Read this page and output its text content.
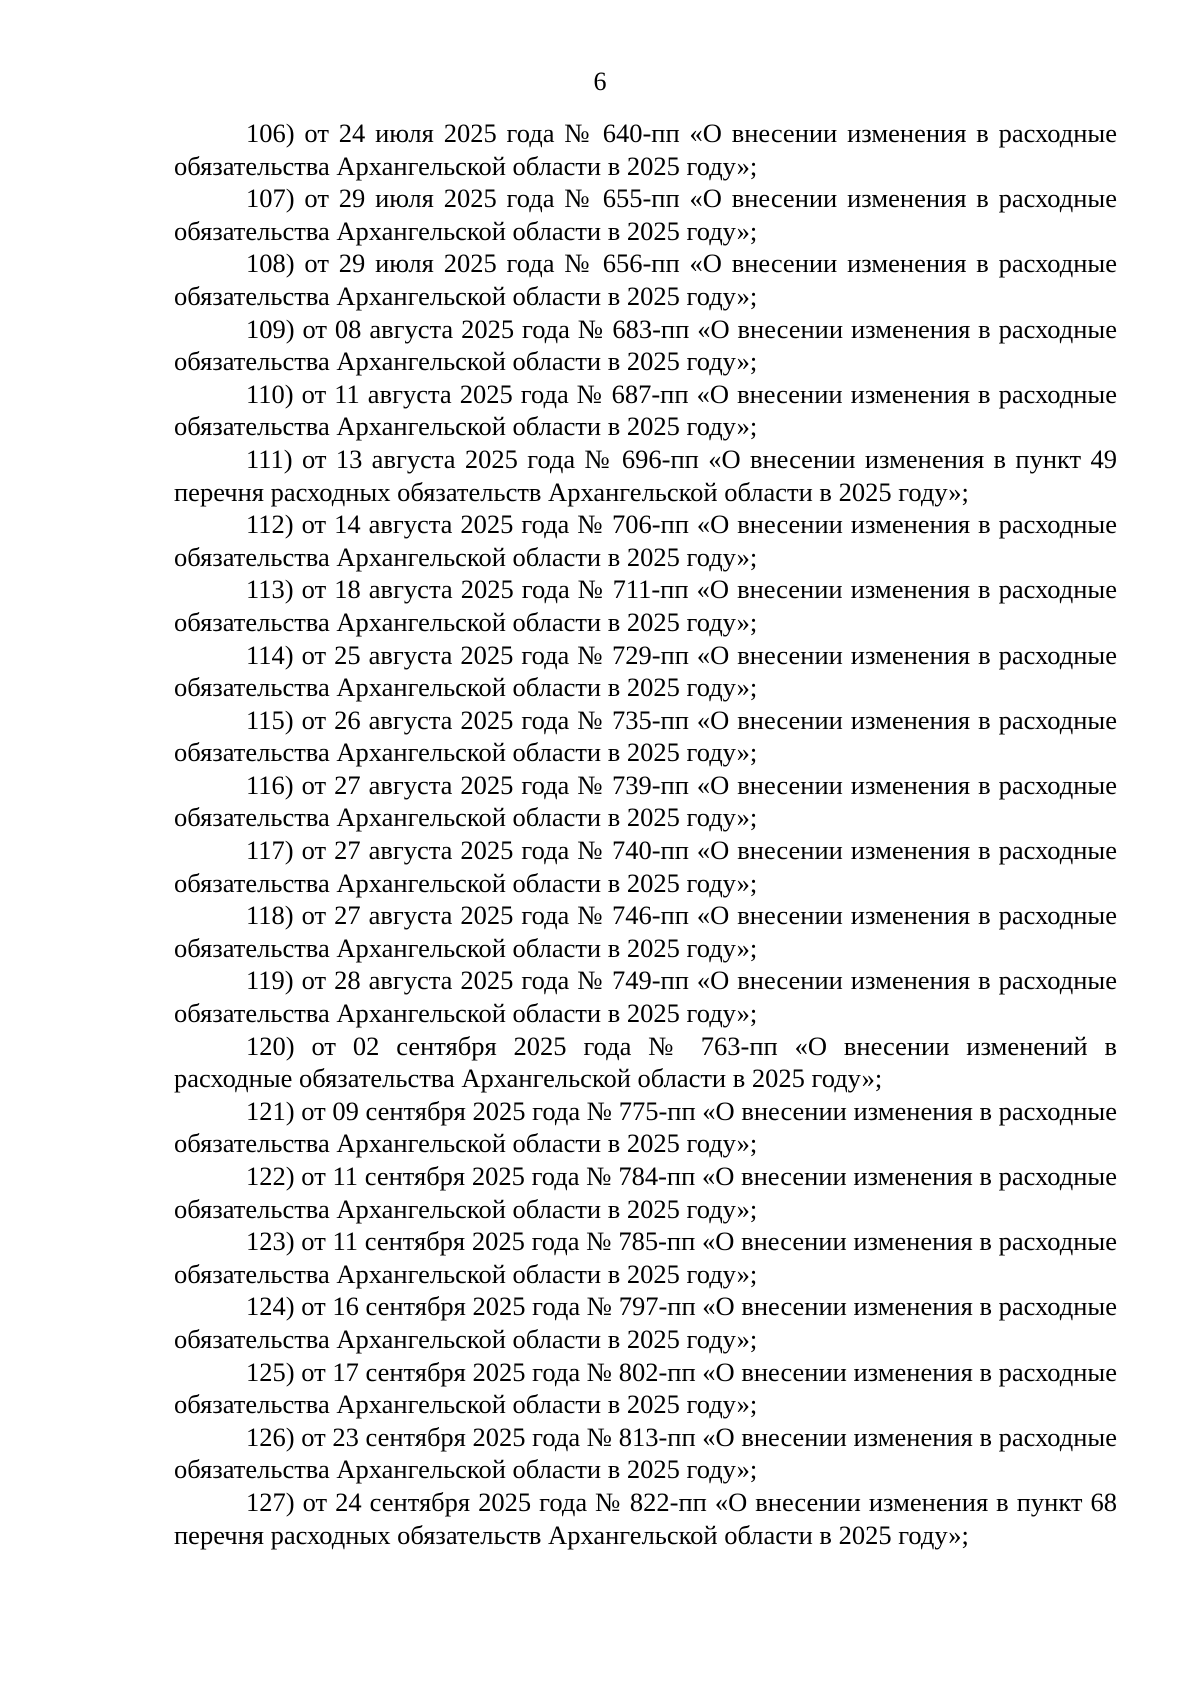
6

106) от 24 июля 2025 года № 640-пп «О внесении изменения в расходные обязательства Архангельской области в 2025 году»;

107) от 29 июля 2025 года № 655-пп «О внесении изменения в расходные обязательства Архангельской области в 2025 году»;

108) от 29 июля 2025 года № 656-пп «О внесении изменения в расходные обязательства Архангельской области в 2025 году»;

109) от 08 августа 2025 года № 683-пп «О внесении изменения в расходные обязательства Архангельской области в 2025 году»;

110) от 11 августа 2025 года № 687-пп «О внесении изменения в расходные обязательства Архангельской области в 2025 году»;

111) от 13 августа 2025 года № 696-пп «О внесении изменения в пункт 49 перечня расходных обязательств Архангельской области в 2025 году»;

112) от 14 августа 2025 года № 706-пп «О внесении изменения в расходные обязательства Архангельской области в 2025 году»;

113) от 18 августа 2025 года № 711-пп «О внесении изменения в расходные обязательства Архангельской области в 2025 году»;

114) от 25 августа 2025 года № 729-пп «О внесении изменения в расходные обязательства Архангельской области в 2025 году»;

115) от 26 августа 2025 года № 735-пп «О внесении изменения в расходные обязательства Архангельской области в 2025 году»;

116) от 27 августа 2025 года № 739-пп «О внесении изменения в расходные обязательства Архангельской области в 2025 году»;

117) от 27 августа 2025 года № 740-пп «О внесении изменения в расходные обязательства Архангельской области в 2025 году»;

118) от 27 августа 2025 года № 746-пп «О внесении изменения в расходные обязательства Архангельской области в 2025 году»;

119) от 28 августа 2025 года № 749-пп «О внесении изменения в расходные обязательства Архангельской области в 2025 году»;

120) от 02 сентября 2025 года № 763-пп «О внесении изменений в расходные обязательства Архангельской области в 2025 году»;

121) от 09 сентября 2025 года № 775-пп «О внесении изменения в расходные обязательства Архангельской области в 2025 году»;

122) от 11 сентября 2025 года № 784-пп «О внесении изменения в расходные обязательства Архангельской области в 2025 году»;

123) от 11 сентября 2025 года № 785-пп «О внесении изменения в расходные обязательства Архангельской области в 2025 году»;

124) от 16 сентября 2025 года № 797-пп «О внесении изменения в расходные обязательства Архангельской области в 2025 году»;

125) от 17 сентября 2025 года № 802-пп «О внесении изменения в расходные обязательства Архангельской области в 2025 году»;

126) от 23 сентября 2025 года № 813-пп «О внесении изменения в расходные обязательства Архангельской области в 2025 году»;

127) от 24 сентября 2025 года № 822-пп «О внесении изменения в пункт 68 перечня расходных обязательств Архангельской области в 2025 году»;
